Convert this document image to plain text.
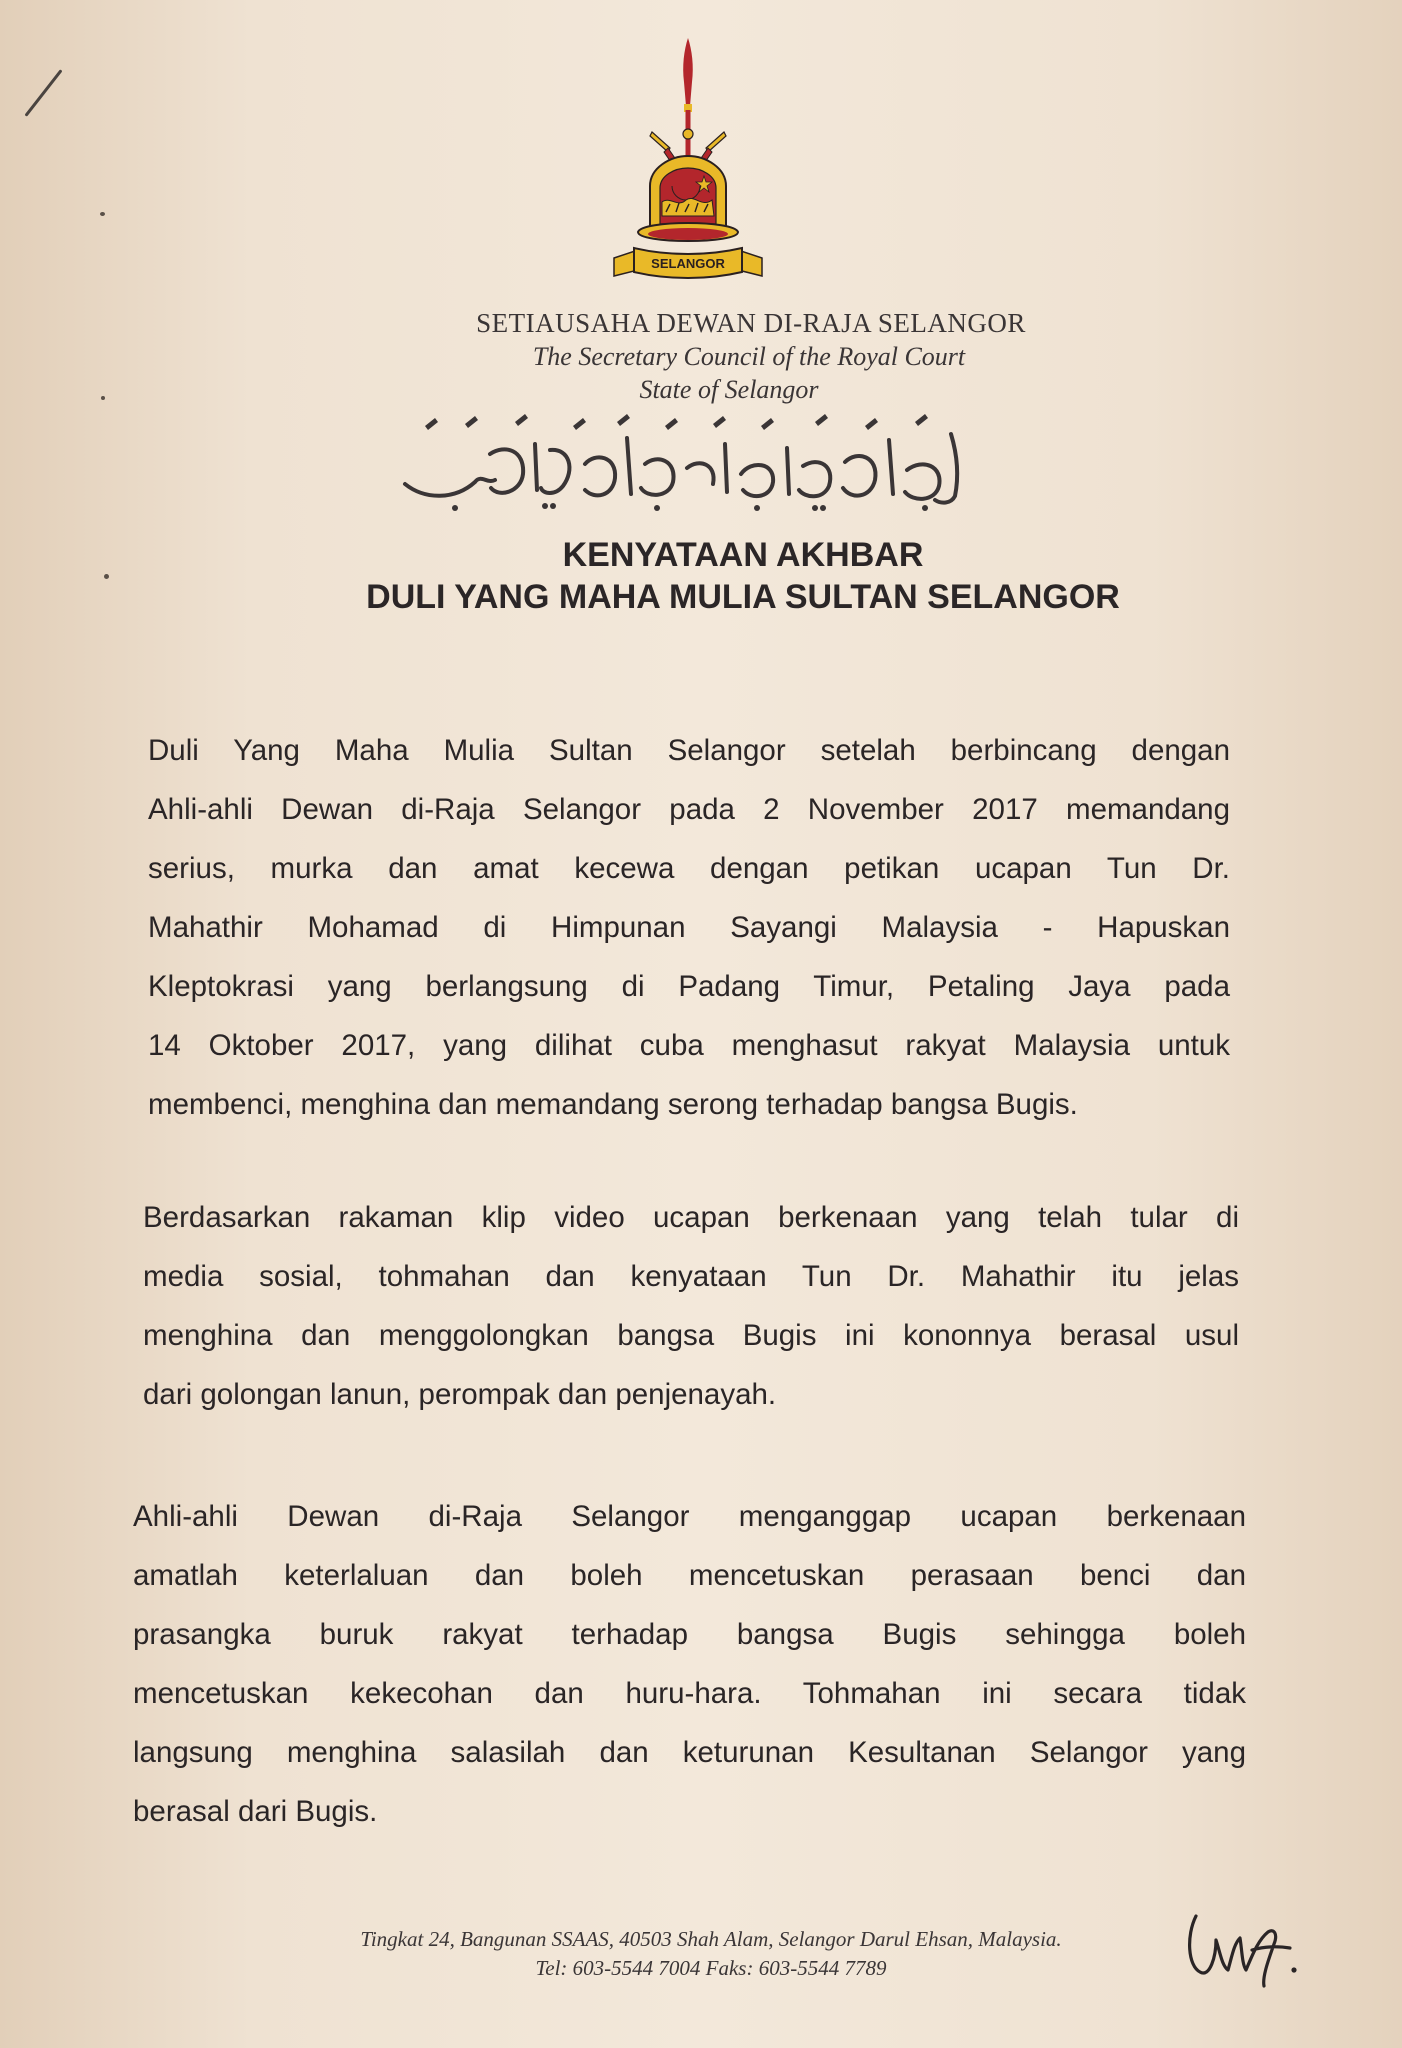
SELANGOR
SETIAUSAHA DEWAN DI-RAJA SELANGOR
The Secretary Council of the Royal Court
State of Selangor
KENYATAAN AKHBAR
DULI YANG MAHA MULIA SULTAN SELANGOR
Duli Yang Maha Mulia Sultan Selangor setelah berbincang dengan
Ahli-ahli Dewan di-Raja Selangor pada 2 November 2017 memandang
serius, murka dan amat kecewa dengan petikan ucapan Tun Dr.
Mahathir Mohamad di Himpunan Sayangi Malaysia - Hapuskan
Kleptokrasi yang berlangsung di Padang Timur, Petaling Jaya pada
14 Oktober 2017, yang dilihat cuba menghasut rakyat Malaysia untuk
membenci, menghina dan memandang serong terhadap bangsa Bugis.
Berdasarkan rakaman klip video ucapan berkenaan yang telah tular di
media sosial, tohmahan dan kenyataan Tun Dr. Mahathir itu jelas
menghina dan menggolongkan bangsa Bugis ini kononnya berasal usul
dari golongan lanun, perompak dan penjenayah.
Ahli-ahli Dewan di-Raja Selangor menganggap ucapan berkenaan
amatlah keterlaluan dan boleh mencetuskan perasaan benci dan
prasangka buruk rakyat terhadap bangsa Bugis sehingga boleh
mencetuskan kekecohan dan huru-hara. Tohmahan ini secara tidak
langsung menghina salasilah dan keturunan Kesultanan Selangor yang
berasal dari Bugis.
Tingkat 24, Bangunan SSAAS, 40503 Shah Alam, Selangor Darul Ehsan, Malaysia.
Tel: 603-5544 7004 Faks: 603-5544 7789
